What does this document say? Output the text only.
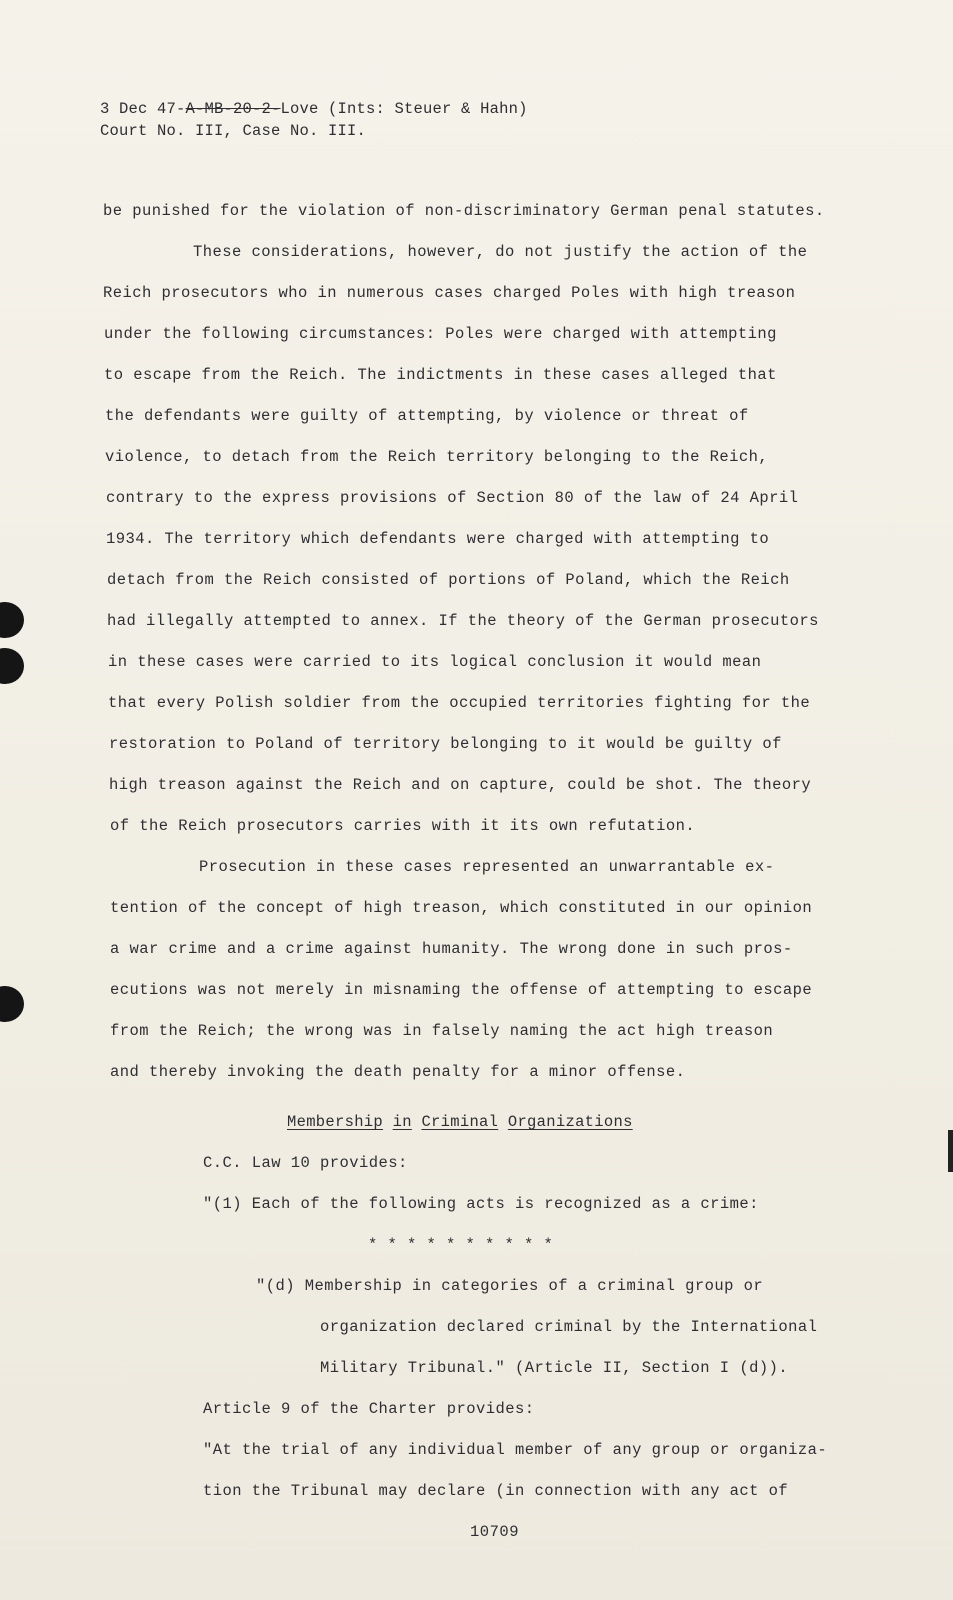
3 Dec 47-A-MB-20-2-Love (Ints: Steuer & Hahn)
Court No. III, Case No. III.
be punished for the violation of non-discriminatory German penal statutes.
These considerations, however, do not justify the action of the
Reich prosecutors who in numerous cases charged Poles with high treason
under the following circumstances: Poles were charged with attempting
to escape from the Reich. The indictments in these cases alleged that
the defendants were guilty of attempting, by violence or threat of
violence, to detach from the Reich territory belonging to the Reich,
contrary to the express provisions of Section 80 of the law of 24 April
1934. The territory which defendants were charged with attempting to
detach from the Reich consisted of portions of Poland, which the Reich
had illegally attempted to annex. If the theory of the German prosecutors
in these cases were carried to its logical conclusion it would mean
that every Polish soldier from the occupied territories fighting for the
restoration to Poland of territory belonging to it would be guilty of
high treason against the Reich and on capture, could be shot. The theory
of the Reich prosecutors carries with it its own refutation.
Prosecution in these cases represented an unwarrantable ex-
tention of the concept of high treason, which constituted in our opinion
a war crime and a crime against humanity. The wrong done in such pros-
ecutions was not merely in misnaming the offense of attempting to escape
from the Reich; the wrong was in falsely naming the act high treason
and thereby invoking the death penalty for a minor offense.
Membership in Criminal Organizations
C.C. Law 10 provides:
"(1) Each of the following acts is recognized as a crime:
* * * * * * * * * *
"(d) Membership in categories of a criminal group or
organization declared criminal by the International
Military Tribunal." (Article II, Section I (d)).
Article 9 of the Charter provides:
"At the trial of any individual member of any group or organiza-
tion the Tribunal may declare (in connection with any act of
10709
